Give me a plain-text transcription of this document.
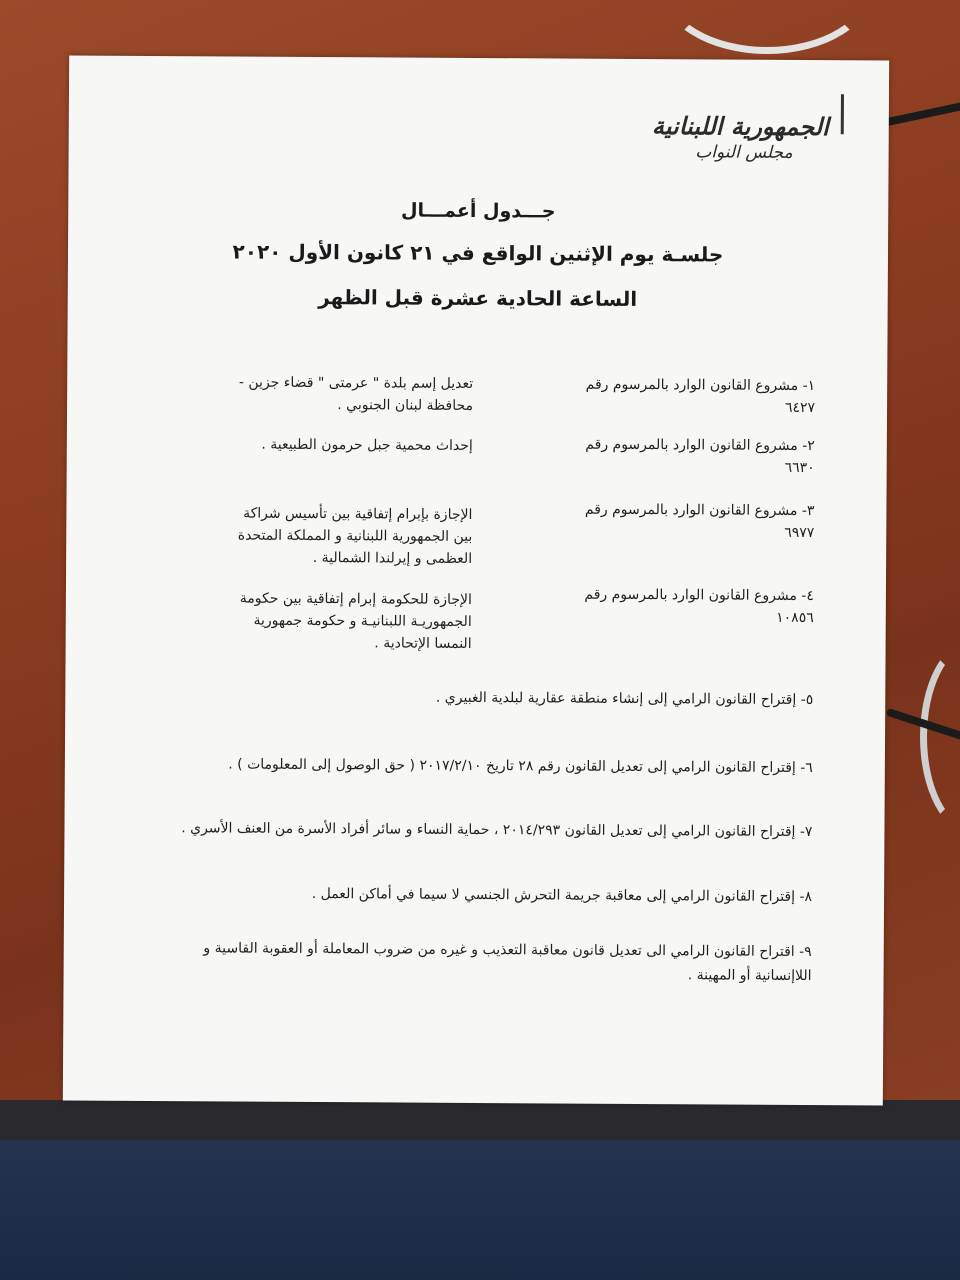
الجمهورية اللبنانية
مجلس النواب
جـــدول أعمـــال
جلسـة يوم الإثنين الواقع في ٢١ كانون الأول ٢٠٢٠
الساعة الحادية عشرة قبل الظهر
١- مشروع القانون الوارد بالمرسوم رقم ٦٤٢٧
تعديل إسم بلدة " عرمتى " قضاء جزين - محافظة لبنان الجنوبي .
٢- مشروع القانون الوارد بالمرسوم رقم ٦٦٣٠
إحداث محمية جبل حرمون الطبيعية .
٣- مشروع القانون الوارد بالمرسوم رقم ٦٩٧٧
الإجازة بإبرام إتفاقية بين تأسيس شراكة بين الجمهورية اللبنانية و المملكة المتحدة العظمى و إيرلندا الشمالية .
٤- مشروع القانون الوارد بالمرسوم رقم ١٠٨٥٦
الإجازة للحكومة إبرام إتفاقية بين حكومة الجمهوريـة اللبنانيـة و حكومة جمهورية النمسا الإتحادية .
٥- إقتراح القانون الرامي إلى إنشاء منطقة عقارية لبلدية الغبيري .
٦- إقتراح القانون الرامي إلى تعديل القانون رقم ٢٨ تاريخ ٢٠١٧/٢/١٠ ( حق الوصول إلى المعلومات ) .
٧- إقتراح القانون الرامي إلى تعديل القانون ٢٠١٤/٢٩٣ ، حماية النساء و سائر أفراد الأسرة من العنف الأسري .
٨- إقتراح القانون الرامي إلى معاقبة جريمة التحرش الجنسي لا سيما في أماكن العمل .
٩- اقتراح القانون الرامي الى تعديل قانون معاقبة التعذيب و غيره من ضروب المعاملة أو العقوبة القاسية و اللاإنسانية أو المهينة .
